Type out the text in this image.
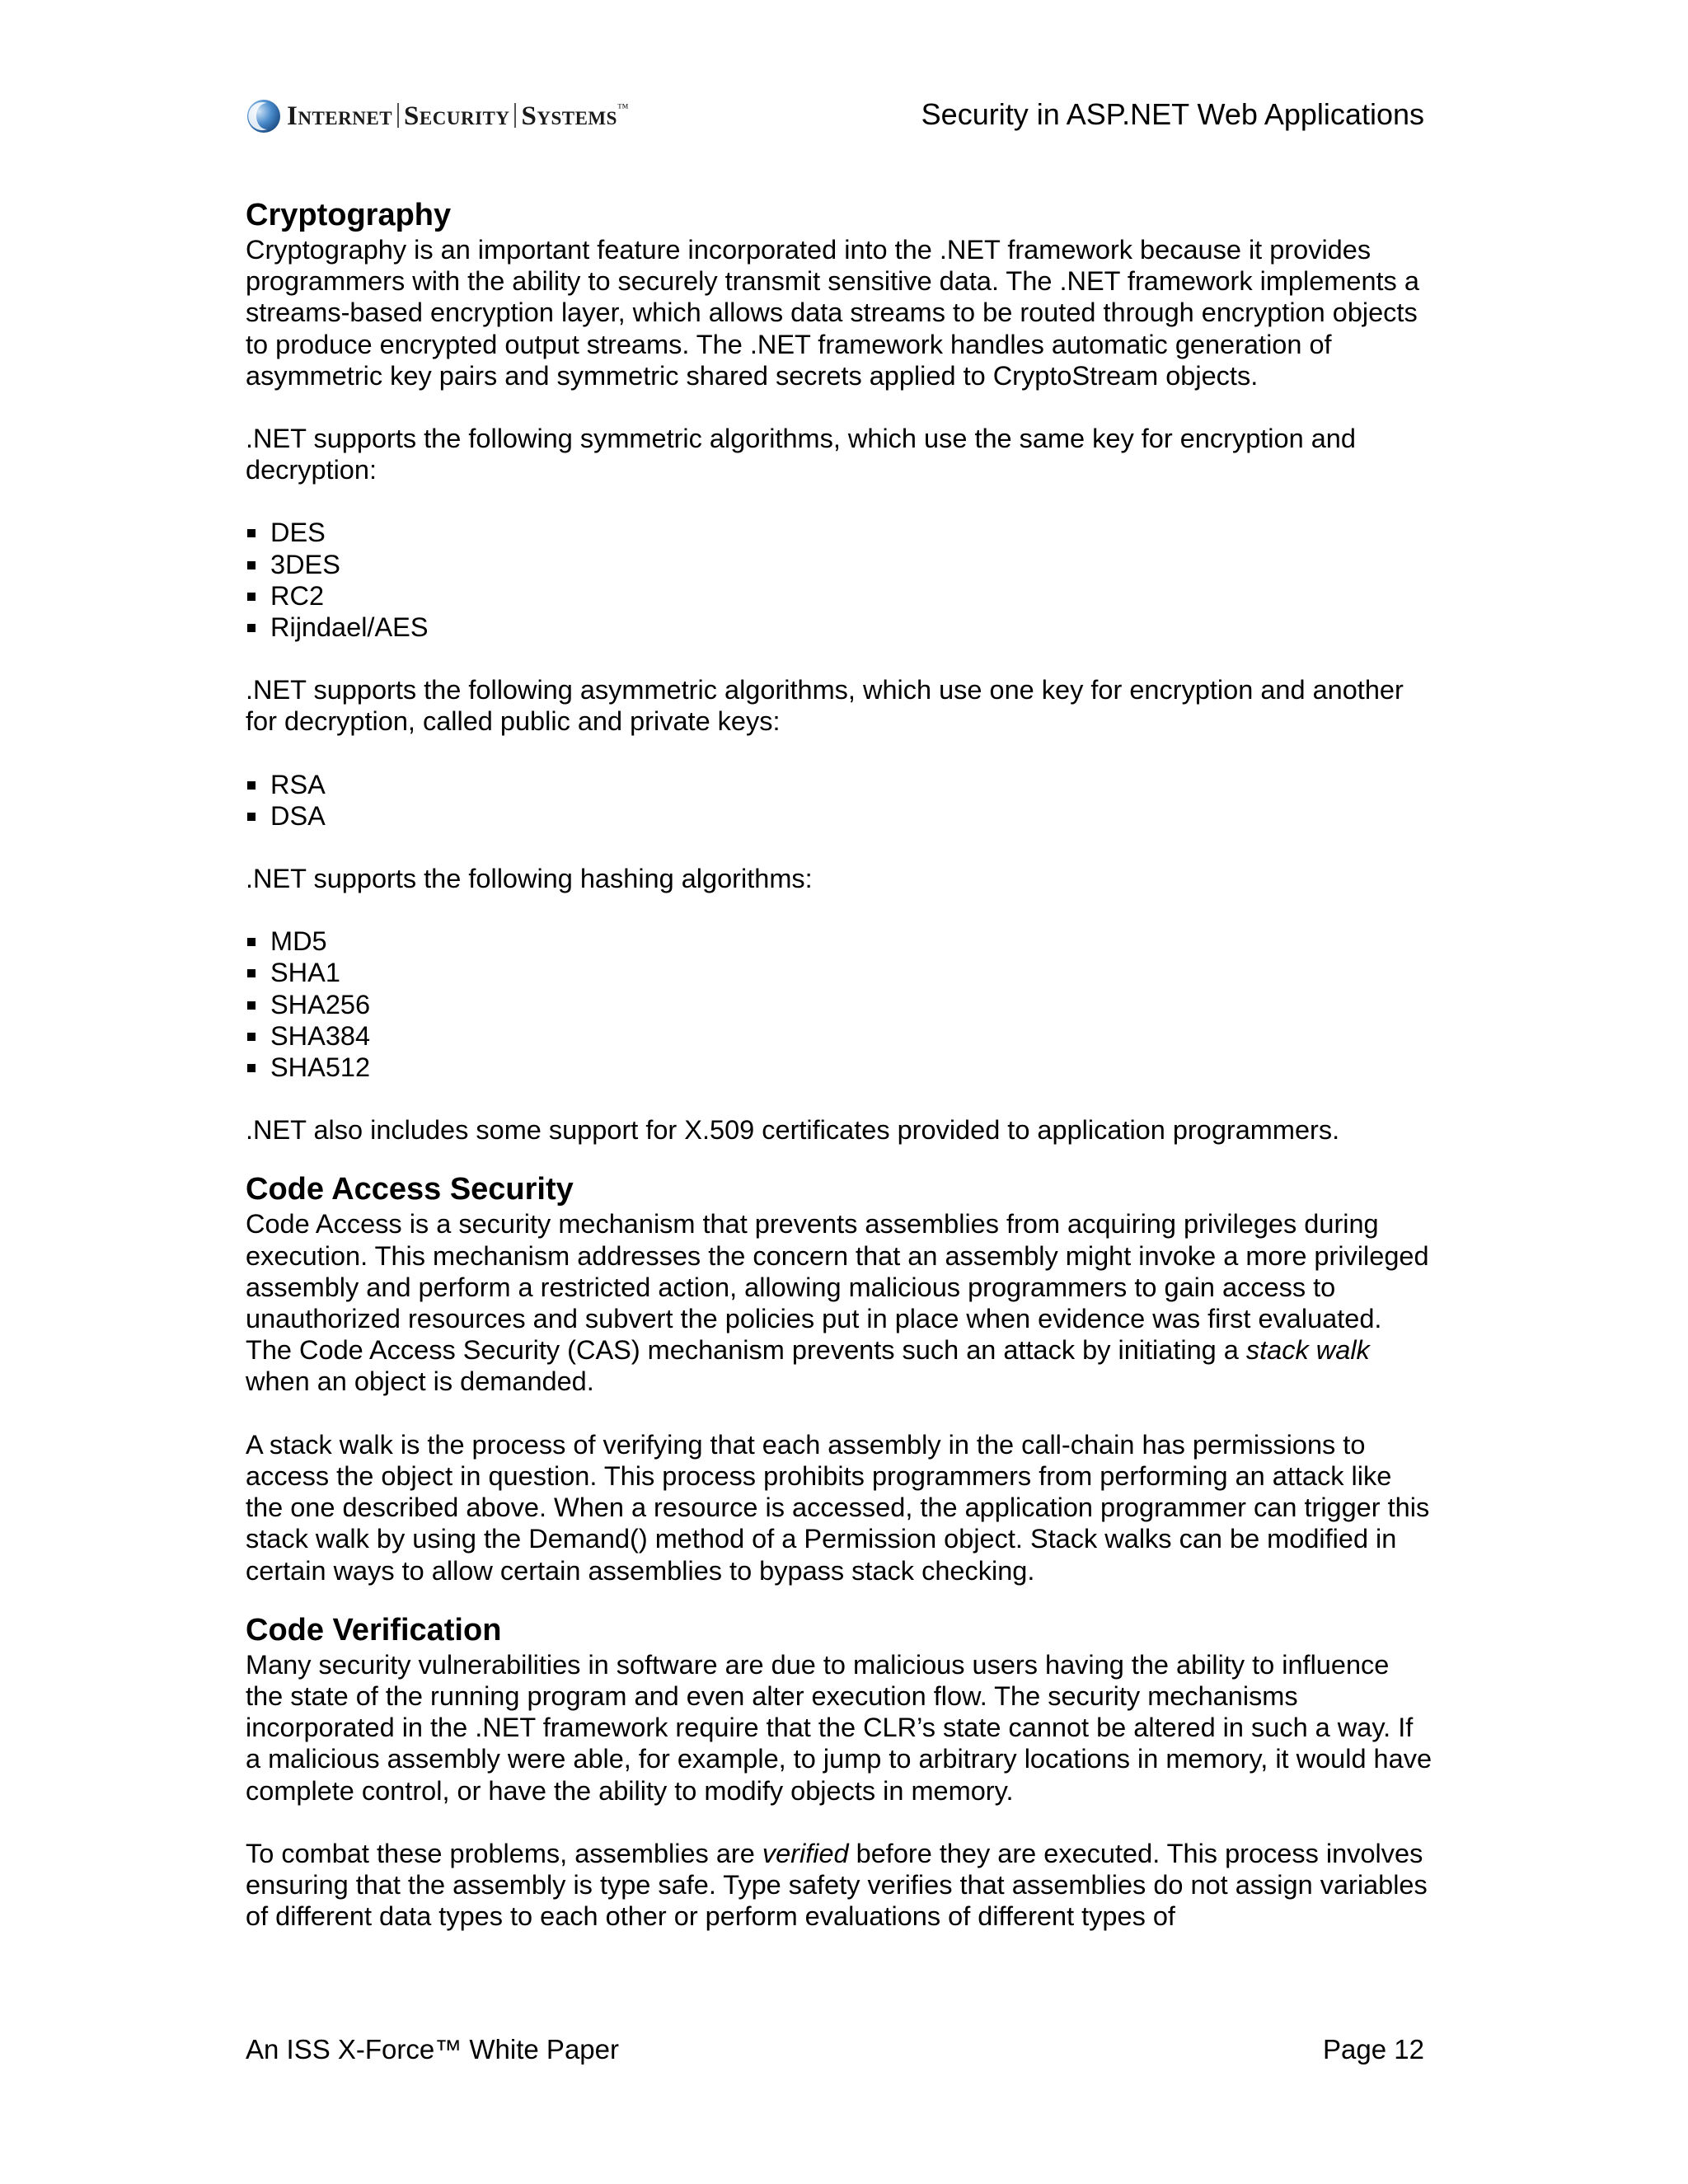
Internet Security Systems™	Security in ASP.NET Web Applications
Cryptography

Cryptography is an important feature incorporated into the .NET framework because it provides programmers with the ability to securely transmit sensitive data. The .NET framework implements a streams-based encryption layer, which allows data streams to be routed through encryption objects to produce encrypted output streams. The .NET framework handles automatic generation of asymmetric key pairs and symmetric shared secrets applied to CryptoStream objects.

.NET supports the following symmetric algorithms, which use the same key for encryption and decryption:

DES
3DES
RC2
Rijndael/AES

.NET supports the following asymmetric algorithms, which use one key for encryption and another for decryption, called public and private keys:

RSA
DSA

.NET supports the following hashing algorithms:

MD5
SHA1
SHA256
SHA384
SHA512

.NET also includes some support for X.509 certificates provided to application programmers.

Code Access Security

Code Access is a security mechanism that prevents assemblies from acquiring privileges during execution. This mechanism addresses the concern that an assembly might invoke a more privileged assembly and perform a restricted action, allowing malicious programmers to gain access to unauthorized resources and subvert the policies put in place when evidence was first evaluated. The Code Access Security (CAS) mechanism prevents such an attack by initiating a stack walk when an object is demanded.

A stack walk is the process of verifying that each assembly in the call-chain has permissions to access the object in question. This process prohibits programmers from performing an attack like the one described above. When a resource is accessed, the application programmer can trigger this stack walk by using the Demand() method of a Permission object. Stack walks can be modified in certain ways to allow certain assemblies to bypass stack checking.

Code Verification

Many security vulnerabilities in software are due to malicious users having the ability to influence the state of the running program and even alter execution flow. The security mechanisms incorporated in the .NET framework require that the CLR’s state cannot be altered in such a way. If a malicious assembly were able, for example, to jump to arbitrary locations in memory, it would have complete control, or have the ability to modify objects in memory.

To combat these problems, assemblies are verified before they are executed. This process involves ensuring that the assembly is type safe. Type safety verifies that assemblies do not assign variables of different data types to each other or perform evaluations of different types of

An ISS X-Force™ White Paper	Page 12
